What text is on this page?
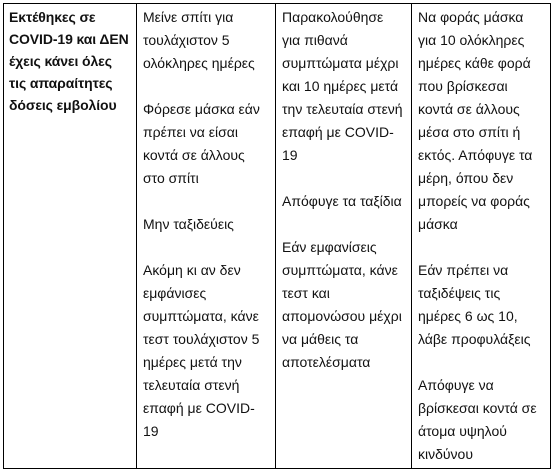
Εκτέθηκες σε COVID-19 και ΔΕΝ έχεις κάνει όλες τις απαραίτητες δόσεις εμβολίου

Μείνε σπίτι για τουλάχιστον 5 ολόκληρες ημέρες
Φόρεσε μάσκα εάν πρέπει να είσαι κοντά σε άλλους στο σπίτι
Μην ταξιδεύεις
Ακόμη κι αν δεν εμφάνισες συμπτώματα, κάνε τεστ τουλάχιστον 5 ημέρες μετά την τελευταία στενή επαφή με COVID-19

Παρακολούθησε για πιθανά συμπτώματα μέχρι και 10 ημέρες μετά την τελευταία στενή επαφή με COVID-19
Απόφυγε τα ταξίδια
Εάν εμφανίσεις συμπτώματα, κάνε τεστ και απομονώσου μέχρι να μάθεις τα αποτελέσματα

Να φοράς μάσκα για 10 ολόκληρες ημέρες κάθε φορά που βρίσκεσαι κοντά σε άλλους μέσα στο σπίτι ή εκτός. Απόφυγε τα μέρη, όπου δεν μπορείς να φοράς μάσκα
Εάν πρέπει να ταξιδέψεις τις ημέρες 6 ως 10, λάβε προφυλάξεις
Απόφυγε να βρίσκεσαι κοντά σε άτομα υψηλού κινδύνου
